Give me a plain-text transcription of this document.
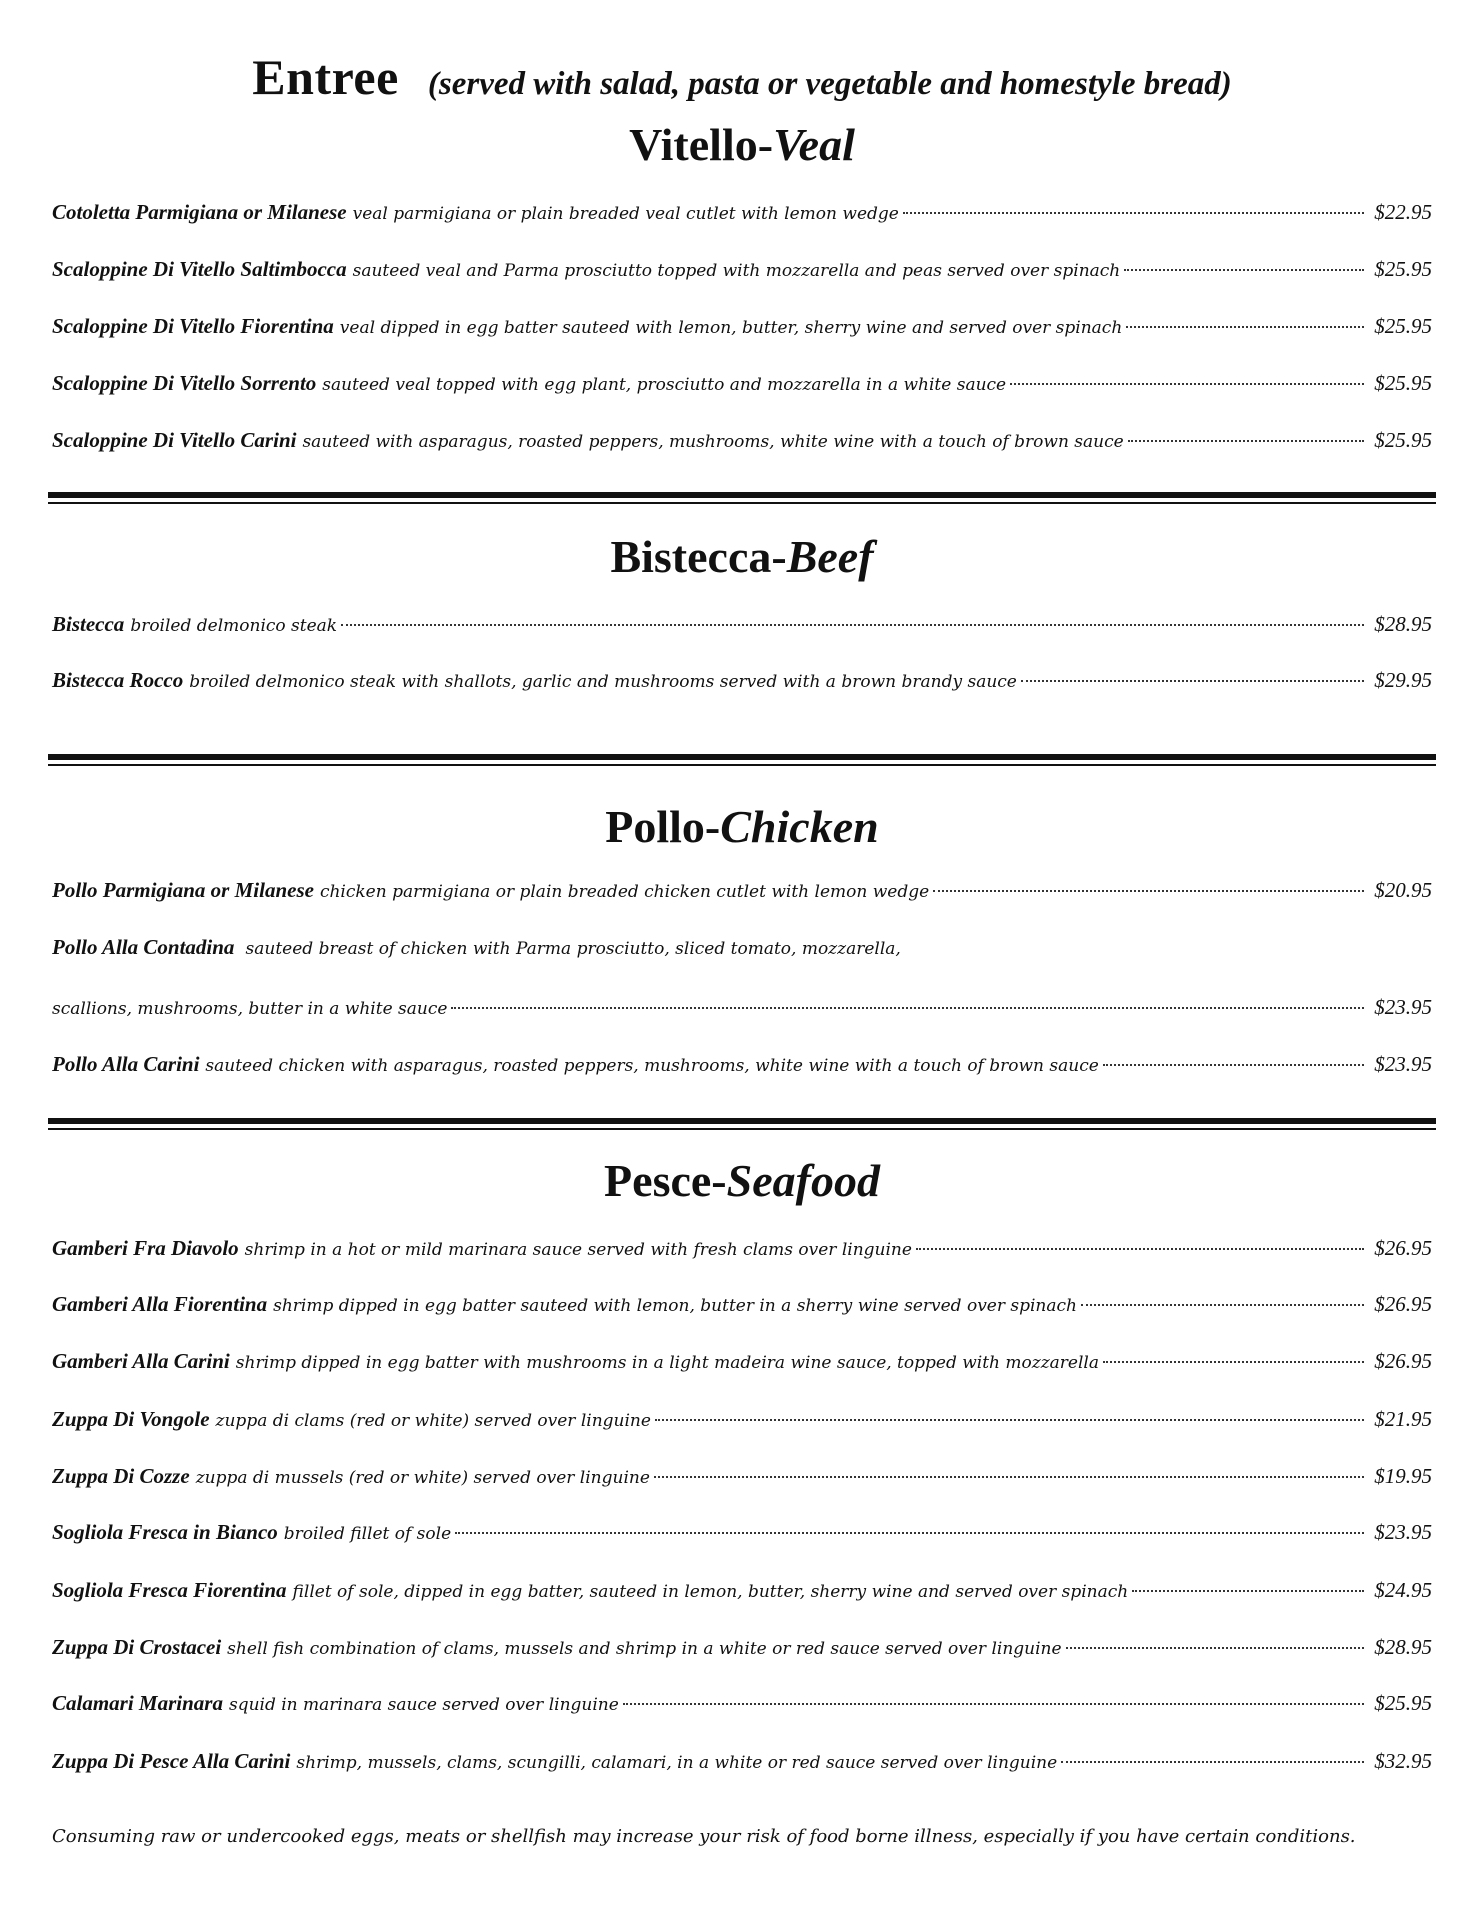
Entree (served with salad, pasta or vegetable and homestyle bread)
Vitello-Veal
Cotoletta Parmigiana or Milanese veal parmigiana or plain breaded veal cutlet with lemon wedge	$22.95
Scaloppine Di Vitello Saltimbocca sauteed veal and Parma prosciutto topped with mozzarella and peas served over spinach	$25.95
Scaloppine Di Vitello Fiorentina veal dipped in egg batter sauteed with lemon, butter, sherry wine and served over spinach	$25.95
Scaloppine Di Vitello Sorrento sauteed veal topped with egg plant, prosciutto and mozzarella in a white sauce	$25.95
Scaloppine Di Vitello Carini sauteed with asparagus, roasted peppers, mushrooms, white wine with a touch of brown sauce	$25.95
Bistecca-Beef
Bistecca broiled delmonico steak	$28.95
Bistecca Rocco broiled delmonico steak with shallots, garlic and mushrooms served with a brown brandy sauce	$29.95
Pollo-Chicken
Pollo Parmigiana or Milanese chicken parmigiana or plain breaded chicken cutlet with lemon wedge	$20.95
Pollo Alla Contadina sauteed breast of chicken with Parma prosciutto, sliced tomato, mozzarella,
scallions, mushrooms, butter in a white sauce	$23.95
Pollo Alla Carini sauteed chicken with asparagus, roasted peppers, mushrooms, white wine with a touch of brown sauce	$23.95
Pesce-Seafood
Gamberi Fra Diavolo shrimp in a hot or mild marinara sauce served with fresh clams over linguine	$26.95
Gamberi Alla Fiorentina shrimp dipped in egg batter sauteed with lemon, butter in a sherry wine served over spinach	$26.95
Gamberi Alla Carini shrimp dipped in egg batter with mushrooms in a light madeira wine sauce, topped with mozzarella	$26.95
Zuppa Di Vongole zuppa di clams (red or white) served over linguine	$21.95
Zuppa Di Cozze zuppa di mussels (red or white) served over linguine	$19.95
Sogliola Fresca in Bianco broiled fillet of sole	$23.95
Sogliola Fresca Fiorentina fillet of sole, dipped in egg batter, sauteed in lemon, butter, sherry wine and served over spinach	$24.95
Zuppa Di Crostacei shell fish combination of clams, mussels and shrimp in a white or red sauce served over linguine	$28.95
Calamari Marinara squid in marinara sauce served over linguine	$25.95
Zuppa Di Pesce Alla Carini shrimp, mussels, clams, scungilli, calamari, in a white or red sauce served over linguine	$32.95
Consuming raw or undercooked eggs, meats or shellfish may increase your risk of food borne illness, especially if you have certain conditions.
